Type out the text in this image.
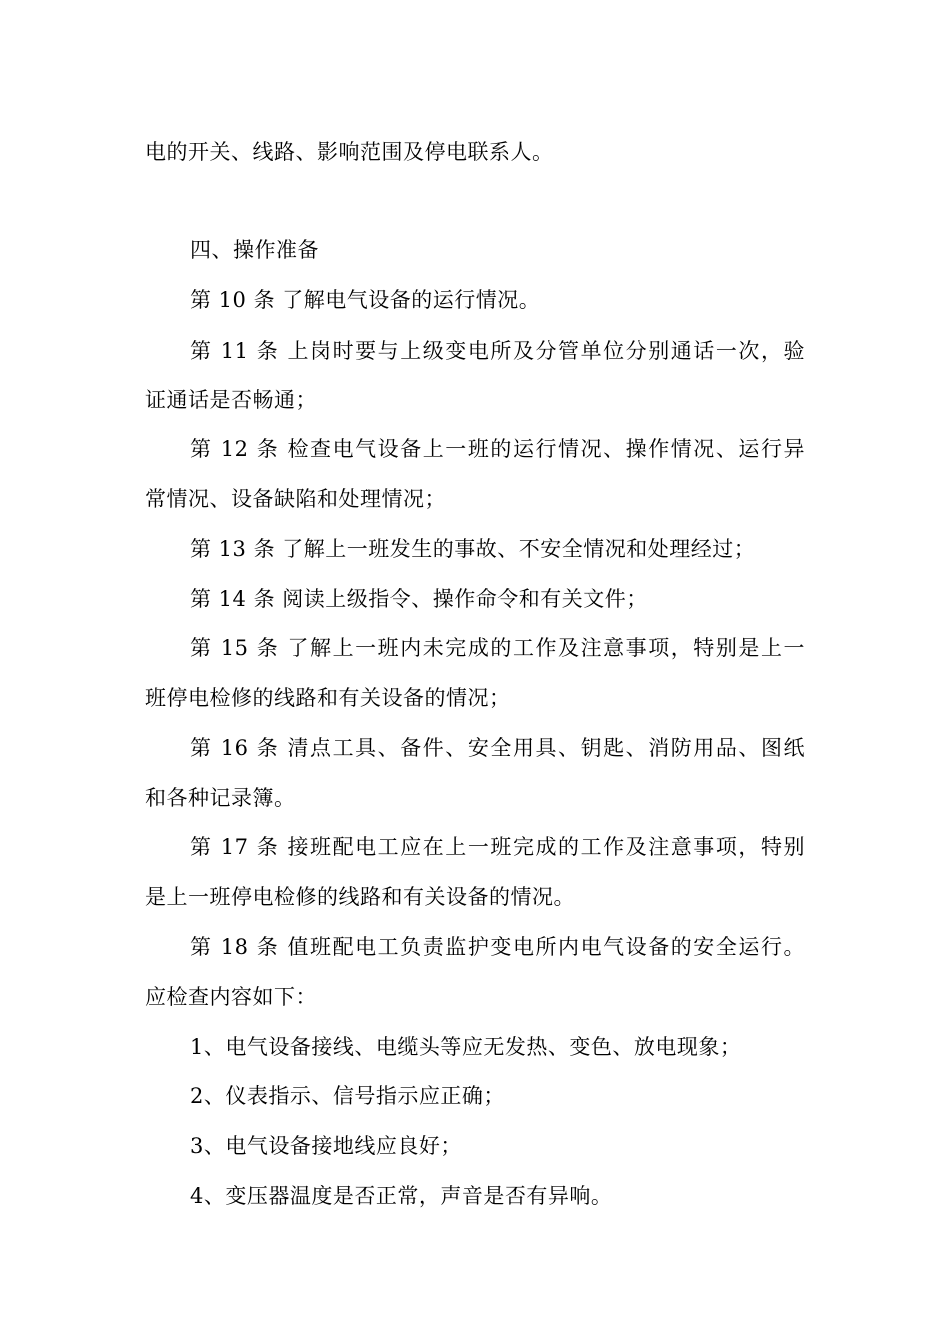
电的开关、线路、影响范围及停电联系人。
四、操作准备
第 10 条 了解电气设备的运行情况。
第 11 条 上岗时要与上级变电所及分管单位分别通话一次，验
证通话是否畅通；
第 12 条 检查电气设备上一班的运行情况、操作情况、运行异
常情况、设备缺陷和处理情况；
第 13 条 了解上一班发生的事故、不安全情况和处理经过；
第 14 条 阅读上级指令、操作命令和有关文件；
第 15 条 了解上一班内未完成的工作及注意事项，特别是上一
班停电检修的线路和有关设备的情况；
第 16 条 清点工具、备件、安全用具、钥匙、消防用品、图纸
和各种记录簿。
第 17 条 接班配电工应在上一班完成的工作及注意事项，特别
是上一班停电检修的线路和有关设备的情况。
第 18 条 值班配电工负责监护变电所内电气设备的安全运行。
应检查内容如下：
1、电气设备接线、电缆头等应无发热、变色、放电现象；
2、仪表指示、信号指示应正确；
3、电气设备接地线应良好；
4、变压器温度是否正常，声音是否有异响。
